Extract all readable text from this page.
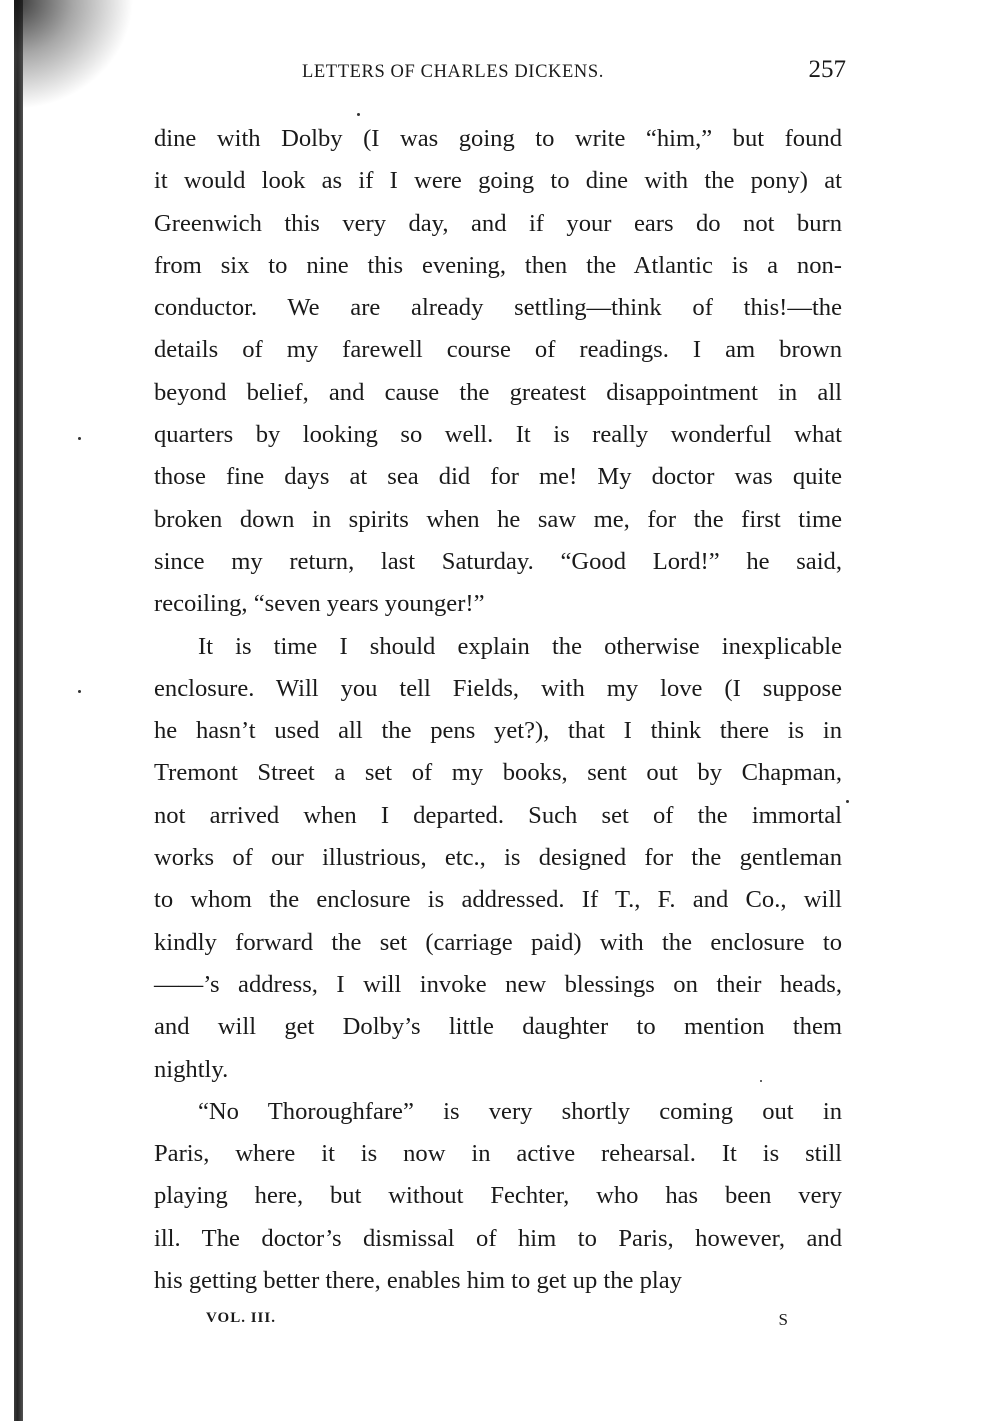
LETTERS OF CHARLES DICKENS.	257
dine with Dolby (I was going to write “him,” but found
it would look as if I were going to dine with the pony) at
Greenwich this very day, and if your ears do not burn
from six to nine this evening, then the Atlantic is a non-
conductor. We are already settling—think of this!—the
details of my farewell course of readings. I am brown
beyond belief, and cause the greatest disappointment in all
quarters by looking so well. It is really wonderful what
those fine days at sea did for me! My doctor was quite
broken down in spirits when he saw me, for the first time
since my return, last Saturday. “Good Lord!” he said,
recoiling, “seven years younger!”
It is time I should explain the otherwise inexplicable
enclosure. Will you tell Fields, with my love (I suppose
he hasn’t used all the pens yet?), that I think there is in
Tremont Street a set of my books, sent out by Chapman,
not arrived when I departed. Such set of the immortal
works of our illustrious, etc., is designed for the gentleman
to whom the enclosure is addressed. If T., F. and Co., will
kindly forward the set (carriage paid) with the enclosure to
——’s address, I will invoke new blessings on their heads,
and will get Dolby’s little daughter to mention them
nightly.
“No Thoroughfare” is very shortly coming out in
Paris, where it is now in active rehearsal. It is still
playing here, but without Fechter, who has been very
ill. The doctor’s dismissal of him to Paris, however, and
his getting better there, enables him to get up the play
VOL. III.	S
